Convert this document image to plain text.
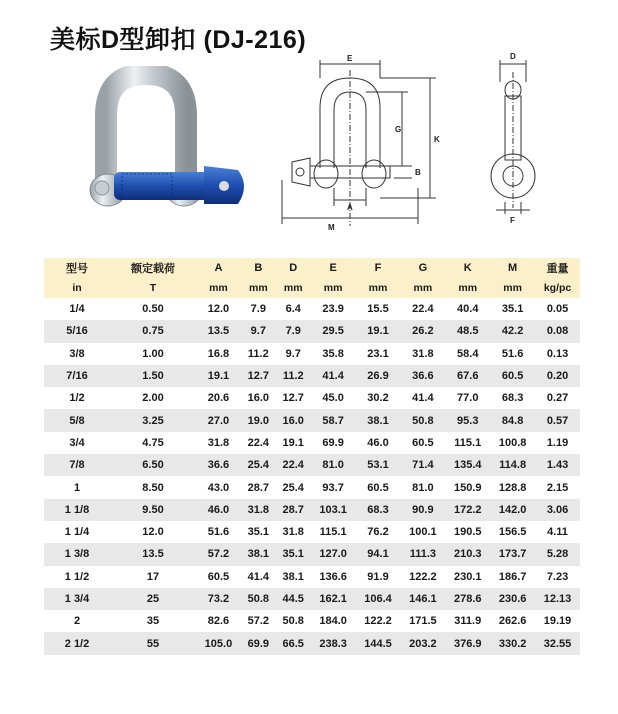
美标D型卸扣 (DJ-216)
E
G
K
B
A
M
D
F
型号	额定载荷	A	B	D	E	F	G	K	M	重量
in	T	mm	mm	mm	mm	mm	mm	mm	mm	kg/pc
1/4	0.50	12.0	7.9	6.4	23.9	15.5	22.4	40.4	35.1	0.05
5/16	0.75	13.5	9.7	7.9	29.5	19.1	26.2	48.5	42.2	0.08
3/8	1.00	16.8	11.2	9.7	35.8	23.1	31.8	58.4	51.6	0.13
7/16	1.50	19.1	12.7	11.2	41.4	26.9	36.6	67.6	60.5	0.20
1/2	2.00	20.6	16.0	12.7	45.0	30.2	41.4	77.0	68.3	0.27
5/8	3.25	27.0	19.0	16.0	58.7	38.1	50.8	95.3	84.8	0.57
3/4	4.75	31.8	22.4	19.1	69.9	46.0	60.5	115.1	100.8	1.19
7/8	6.50	36.6	25.4	22.4	81.0	53.1	71.4	135.4	114.8	1.43
1	8.50	43.0	28.7	25.4	93.7	60.5	81.0	150.9	128.8	2.15
1 1/8	9.50	46.0	31.8	28.7	103.1	68.3	90.9	172.2	142.0	3.06
1 1/4	12.0	51.6	35.1	31.8	115.1	76.2	100.1	190.5	156.5	4.11
1 3/8	13.5	57.2	38.1	35.1	127.0	94.1	111.3	210.3	173.7	5.28
1 1/2	17	60.5	41.4	38.1	136.6	91.9	122.2	230.1	186.7	7.23
1 3/4	25	73.2	50.8	44.5	162.1	106.4	146.1	278.6	230.6	12.13
2	35	82.6	57.2	50.8	184.0	122.2	171.5	311.9	262.6	19.19
2 1/2	55	105.0	69.9	66.5	238.3	144.5	203.2	376.9	330.2	32.55
